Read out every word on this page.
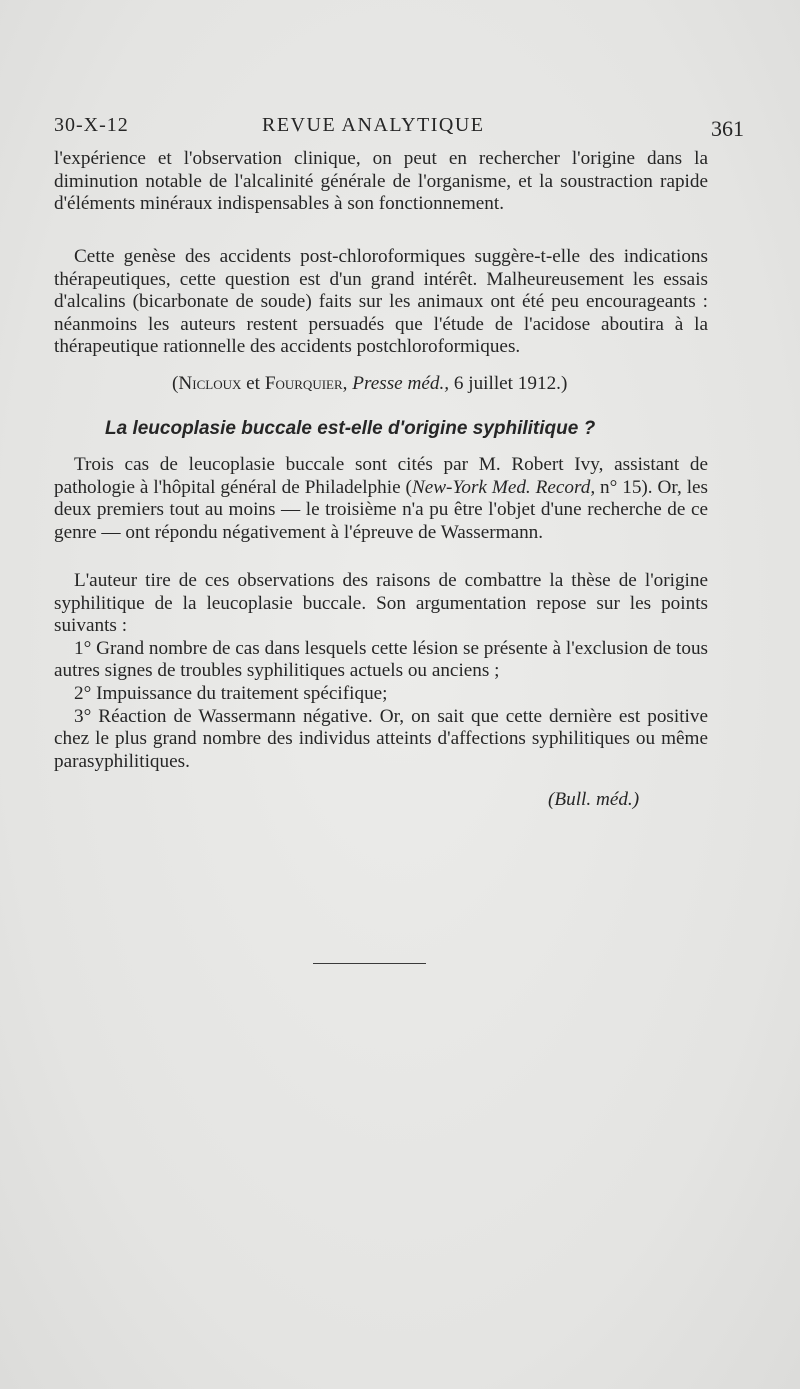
30-X-12	REVUE ANALYTIQUE	361

l'expérience et l'observation clinique, on peut en rechercher l'origine dans la diminution notable de l'alcalinité générale de l'organisme, et la soustraction rapide d'éléments minéraux indispensables à son fonctionnement.

Cette genèse des accidents post-chloroformiques suggère-t-elle des indications thérapeutiques, cette question est d'un grand intérêt. Malheureusement les essais d'alcalins (bicarbonate de soude) faits sur les animaux ont été peu encourageants : néanmoins les auteurs restent persuadés que l'étude de l'acidose aboutira à la thérapeutique rationnelle des accidents postchloroformiques.

(Nicloux et Fourquier, Presse méd., 6 juillet 1912.)
La leucoplasie buccale est-elle d'origine syphilitique ?

Trois cas de leucoplasie buccale sont cités par M. Robert Ivy, assistant de pathologie à l'hôpital général de Philadelphie (New-York Med. Record, n° 15). Or, les deux premiers tout au moins — le troisième n'a pu être l'objet d'une recherche de ce genre — ont répondu négativement à l'épreuve de Wassermann.

L'auteur tire de ces observations des raisons de combattre la thèse de l'origine syphilitique de la leucoplasie buccale. Son argumentation repose sur les points suivants :

1° Grand nombre de cas dans lesquels cette lésion se présente à l'exclusion de tous autres signes de troubles syphilitiques actuels ou anciens ;

2° Impuissance du traitement spécifique;

3° Réaction de Wassermann négative. Or, on sait que cette dernière est positive chez le plus grand nombre des individus atteints d'affections syphilitiques ou même parasyphilitiques.

(Bull. méd.)
